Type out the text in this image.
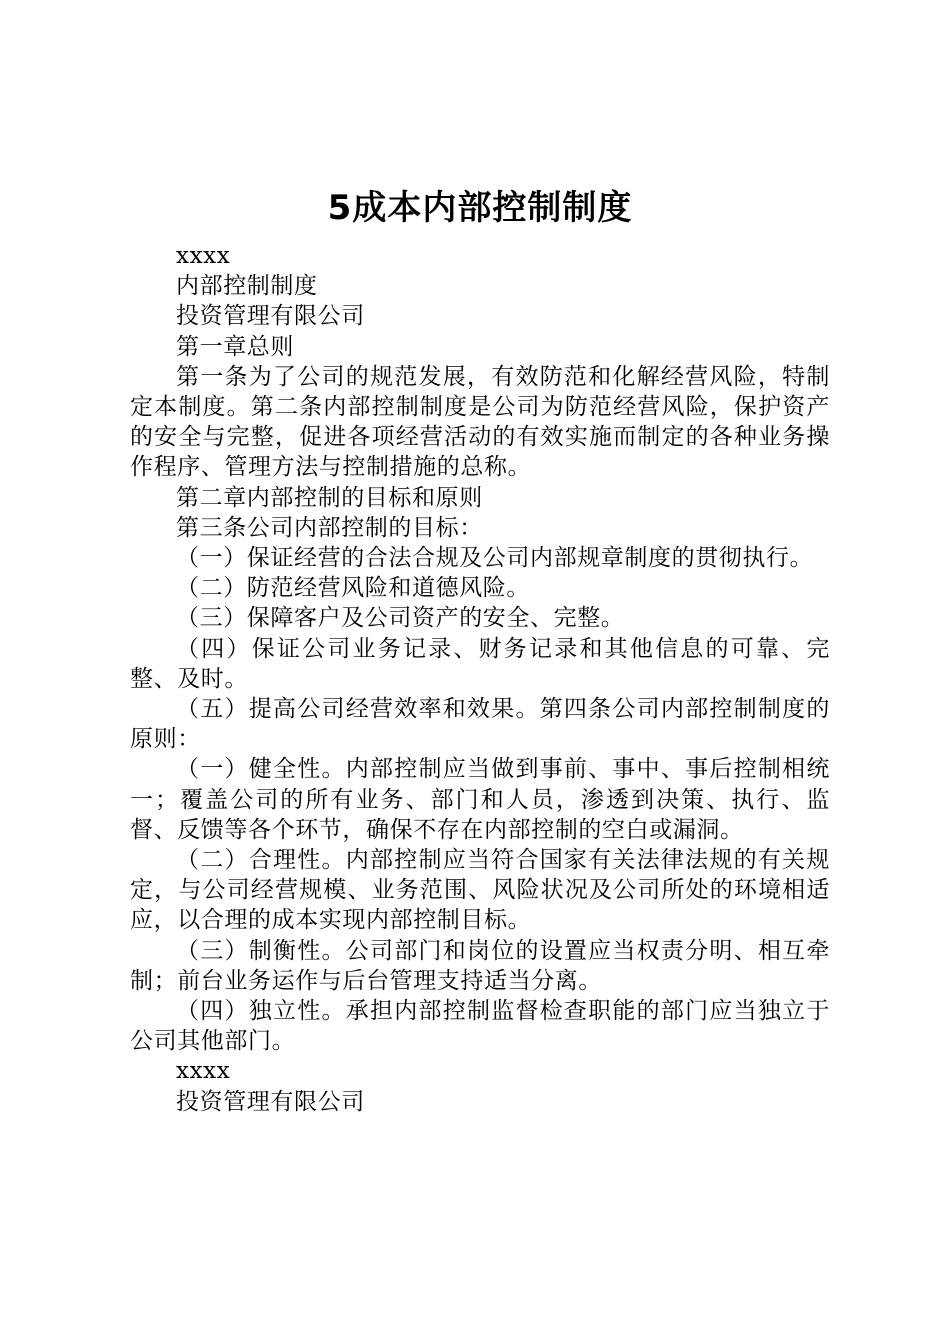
5成本内部控制制度

xxxx

内部控制制度

投资管理有限公司

第一章总则

第一条为了公司的规范发展，有效防范和化解经营风险，特制定本制度。第二条内部控制制度是公司为防范经营风险，保护资产的安全与完整，促进各项经营活动的有效实施而制定的各种业务操作程序、管理方法与控制措施的总称。

第二章内部控制的目标和原则

第三条公司内部控制的目标：

（一）保证经营的合法合规及公司内部规章制度的贯彻执行。

（二）防范经营风险和道德风险。

（三）保障客户及公司资产的安全、完整。

（四）保证公司业务记录、财务记录和其他信息的可靠、完整、及时。

（五）提高公司经营效率和效果。第四条公司内部控制制度的原则：

（一）健全性。内部控制应当做到事前、事中、事后控制相统一；覆盖公司的所有业务、部门和人员，渗透到决策、执行、监督、反馈等各个环节，确保不存在内部控制的空白或漏洞。

（二）合理性。内部控制应当符合国家有关法律法规的有关规定，与公司经营规模、业务范围、风险状况及公司所处的环境相适应，以合理的成本实现内部控制目标。

（三）制衡性。公司部门和岗位的设置应当权责分明、相互牵制；前台业务运作与后台管理支持适当分离。

（四）独立性。承担内部控制监督检查职能的部门应当独立于公司其他部门。

xxxx

投资管理有限公司
